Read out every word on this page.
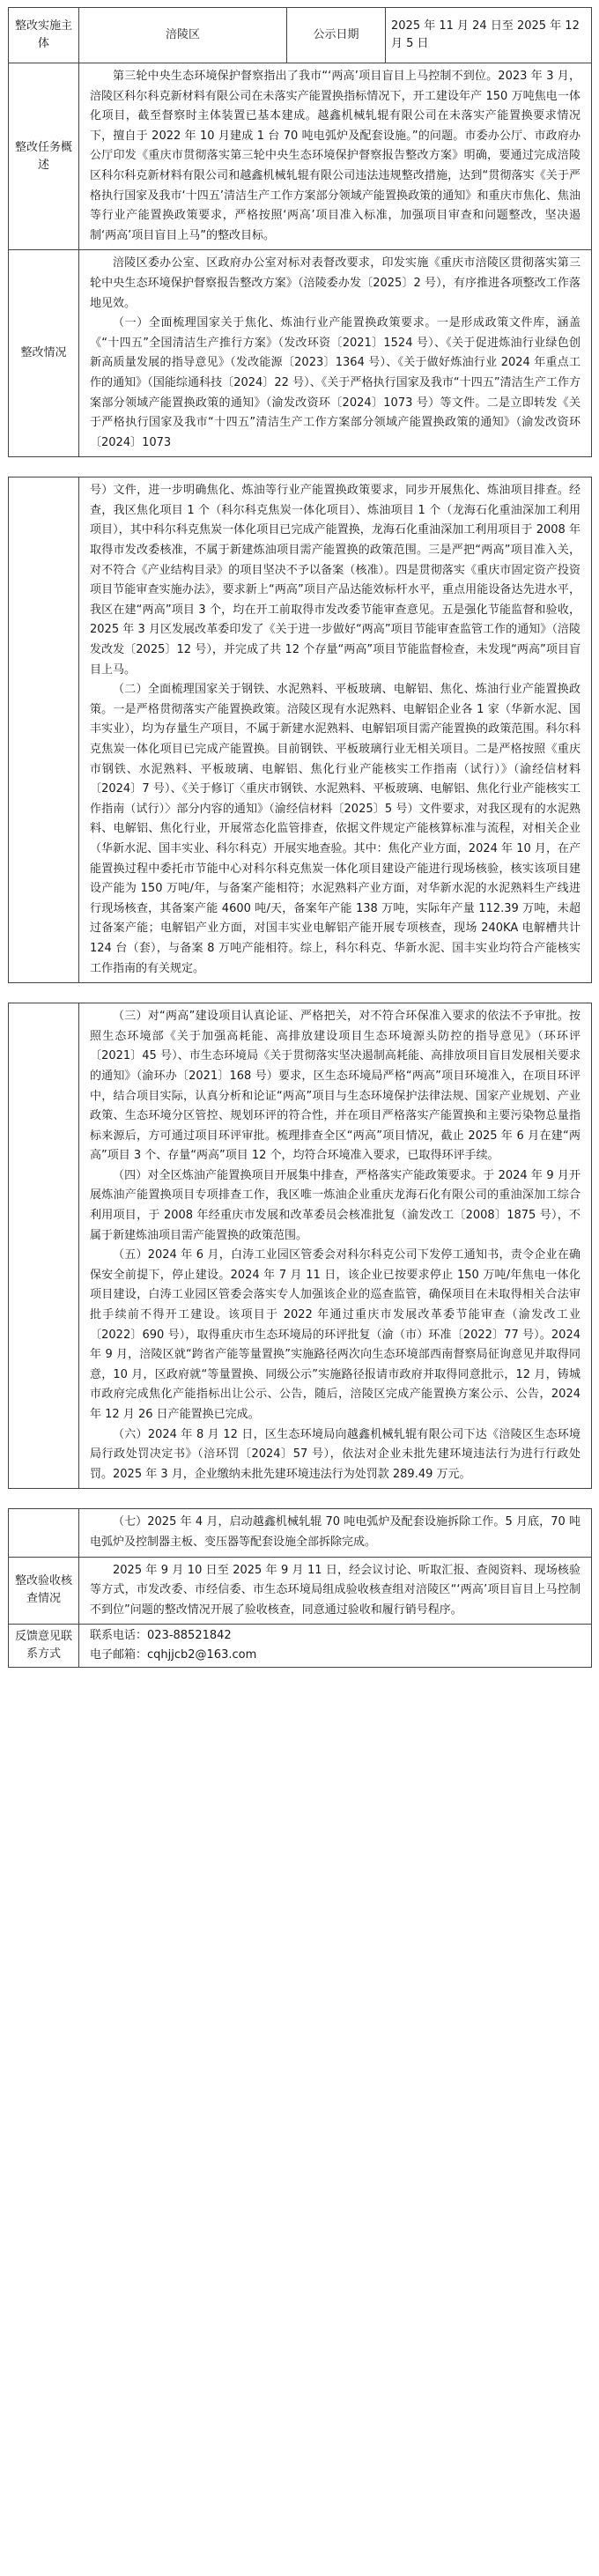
整改实施主体	涪陵区	公示日期	2025 年 11 月 24 日至 2025 年 12 月 5 日
整改任务概述	第三轮中央生态环境保护督察指出了我市“‘两高’项目盲目上马控制不到位。2023 年 3 月，涪陵区科尔科克新材料有限公司在未落实产能置换指标情况下，开工建设年产 150 万吨焦电一体化项目，截至督察时主体装置已基本建成。越鑫机械轧辊有限公司在未落实产能置换要求情况下，擅自于 2022 年 10 月建成 1 台 70 吨电弧炉及配套设施。”的问题。市委办公厅、市政府办公厅印发《重庆市贯彻落实第三轮中央生态环境保护督察报告整改方案》明确，要通过完成涪陵区科尔科克新材料有限公司和越鑫机械轧辊有限公司违法违规整改措施，达到“贯彻落实《关于严格执行国家及我市‘十四五’清洁生产工作方案部分领域产能置换政策的通知》和重庆市焦化、焦油等行业产能置换政策要求，严格按照‘两高’项目准入标准，加强项目审查和问题整改，坚决遏制‘两高’项目盲目上马”的整改目标。		

整改情况	涪陵区委办公室、区政府办公室对标对表督改要求，印发实施《重庆市涪陵区贯彻落实第三轮中央生态环境保护督察报告整改方案》（涪陵委办发〔2025〕2 号），有序推进各项整改工作落地见效。

（一）全面梳理国家关于焦化、炼油行业产能置换政策要求。一是形成政策文件库，涵盖《“十四五”全国清洁生产推行方案》（发改环资〔2021〕1524 号）、《关于促进炼油行业绿色创新高质量发展的指导意见》（发改能源〔2023〕1364 号）、《关于做好炼油行业 2024 年重点工作的通知》（国能综通科技〔2024〕22 号）、《关于严格执行国家及我市“十四五”清洁生产工作方案部分领域产能置换政策的通知》（渝发改资环〔2024〕1073 号）等文件。二是立即转发《关于严格执行国家及我市“十四五”清洁生产工作方案部分领域产能置换政策的通知》（渝发改资环〔2024〕1073		

号）文件，进一步明确焦化、炼油等行业产能置换政策要求，同步开展焦化、炼油项目排查。经查，我区焦化项目 1 个（科尔科克焦炭一体化项目）、炼油项目 1 个（龙海石化重油深加工利用项目），其中科尔科克焦炭一体化项目已完成产能置换，龙海石化重油深加工利用项目于 2008 年取得市发改委核准，不属于新建炼油项目需产能置换的政策范围。三是严把“两高”项目准入关，对不符合《产业结构目录》的项目坚决不予以备案（核准）。四是贯彻落实《重庆市固定资产投资项目节能审查实施办法》，要求新上“两高”项目产品达能效标杆水平，重点用能设备达先进水平，我区在建“两高”项目 3 个，均在开工前取得市发改委节能审查意见。五是强化节能监督和验收，2025 年 3 月区发展改革委印发了《关于进一步做好“两高”项目节能审查监管工作的通知》（涪陵发改发〔2025〕12 号），并完成了共 12 个存量“两高”项目节能监督检查，未发现“两高”项目盲目上马。

（二）全面梳理国家关于钢铁、水泥熟料、平板玻璃、电解铝、焦化、炼油行业产能置换政策。一是严格贯彻落实产能置换政策。涪陵区现有水泥熟料、电解铝企业各 1 家（华新水泥、国丰实业），均为存量生产项目，不属于新建水泥熟料、电解铝项目需产能置换的政策范围。科尔科克焦炭一体化项目已完成产能置换。目前钢铁、平板玻璃行业无相关项目。二是严格按照《重庆市钢铁、水泥熟料、平板玻璃、电解铝、焦化行业产能核实工作指南（试行）》（渝经信材料〔2024〕7 号）、《关于修订〈重庆市钢铁、水泥熟料、平板玻璃、电解铝、焦化行业产能核实工作指南（试行）〉部分内容的通知》（渝经信材料〔2025〕5 号）文件要求，对我区现有的水泥熟料、电解铝、焦化行业，开展常态化监管排查，依据文件规定产能核算标准与流程，对相关企业（华新水泥、国丰实业、科尔科克）开展实地查验。其中：焦化产业方面，2024 年 10 月，在产能置换过程中委托市节能中心对科尔科克焦炭一体化项目建设产能进行现场核验，核实该项目建设产能为 150 万吨/年，与备案产能相符；水泥熟料产业方面，对华新水泥的水泥熟料生产线进行现场核查，其备案产能 4600 吨/天，备案年产能 138 万吨，实际年产量 112.39 万吨，未超过备案产能；电解铝产业方面，对国丰实业电解铝产能开展专项核查，现场 240KA 电解槽共计 124 台（套），与备案 8 万吨产能相符。综上，科尔科克、华新水泥、国丰实业均符合产能核实工作指南的有关规定。

（三）对“两高”建设项目认真论证、严格把关，对不符合环保准入要求的依法不予审批。按照生态环境部《关于加强高耗能、高排放建设项目生态环境源头防控的指导意见》（环环评〔2021〕45 号）、市生态环境局《关于贯彻落实坚决遏制高耗能、高排放项目盲目发展相关要求的通知》（渝环办〔2021〕168 号）要求，区生态环境局严格“两高”项目环境准入，在项目环评中，结合项目实际，认真分析和论证“两高”项目与生态环境保护法律法规、国家产业规划、产业政策、生态环境分区管控、规划环评的符合性，并在项目严格落实产能置换和主要污染物总量指标来源后，方可通过项目环评审批。梳理排查全区“两高”项目情况，截止 2025 年 6 月在建“两高”项目 3 个、存量“两高”项目 12 个，均符合环境准入要求，已取得环评手续。

（四）对全区炼油产能置换项目开展集中排查，严格落实产能政策要求。于 2024 年 9 月开展炼油产能置换项目专项排查工作，我区唯一炼油企业重庆龙海石化有限公司的重油深加工综合利用项目，于 2008 年经重庆市发展和改革委员会核准批复（渝发改工〔2008〕1875 号），不属于新建炼油项目需产能置换的政策范围。

（五）2024 年 6 月，白涛工业园区管委会对科尔科克公司下发停工通知书，责令企业在确保安全前提下，停止建设。2024 年 7 月 11 日，该企业已按要求停止 150 万吨/年焦电一体化项目建设，白涛工业园区管委会落实专人加强该企业的巡查监管，确保项目在未取得相关合法审批手续前不得开工建设。该项目于 2022 年通过重庆市发展改革委节能审查（渝发改工业〔2022〕690 号），取得重庆市生态环境局的环评批复（渝（市）环准〔2022〕77 号）。2024 年 9 月，涪陵区就“跨省产能等量置换”实施路径两次向生态环境部西南督察局征询意见并取得同意，10 月，区政府就“等量置换、同级公示”实施路径报请市政府并取得同意批示，12 月，铸城市政府完成焦化产能指标出让公示、公告，随后，涪陵区完成产能置换方案公示、公告，2024 年 12 月 26 日产能置换已完成。

（六）2024 年 8 月 12 日，区生态环境局向越鑫机械轧辊有限公司下达《涪陵区生态环境局行政处罚决定书》（涪环罚〔2024〕57 号），依法对企业未批先建环境违法行为进行行政处罚。2025 年 3 月，企业缴纳未批先建环境违法行为处罚款 289.49 万元。

	（七）2025 年 4 月，启动越鑫机械轧辊 70 吨电弧炉及配套设施拆除工作。5 月底，70 吨电弧炉及控制器主板、变压器等配套设施全部拆除完成。

整改验收核查情况	2025 年 9 月 10 日至 2025 年 9 月 11 日，经会议讨论、听取汇报、查阅资料、现场核验等方式，市发改委、市经信委、市生态环境局组成验收核查组对涪陵区“‘两高’项目盲目上马控制不到位”问题的整改情况开展了验收核查，同意通过验收和履行销号程序。

反馈意见联系方式	联系电话：023-88521842
电子邮箱：cqhjjcb2@163.com
